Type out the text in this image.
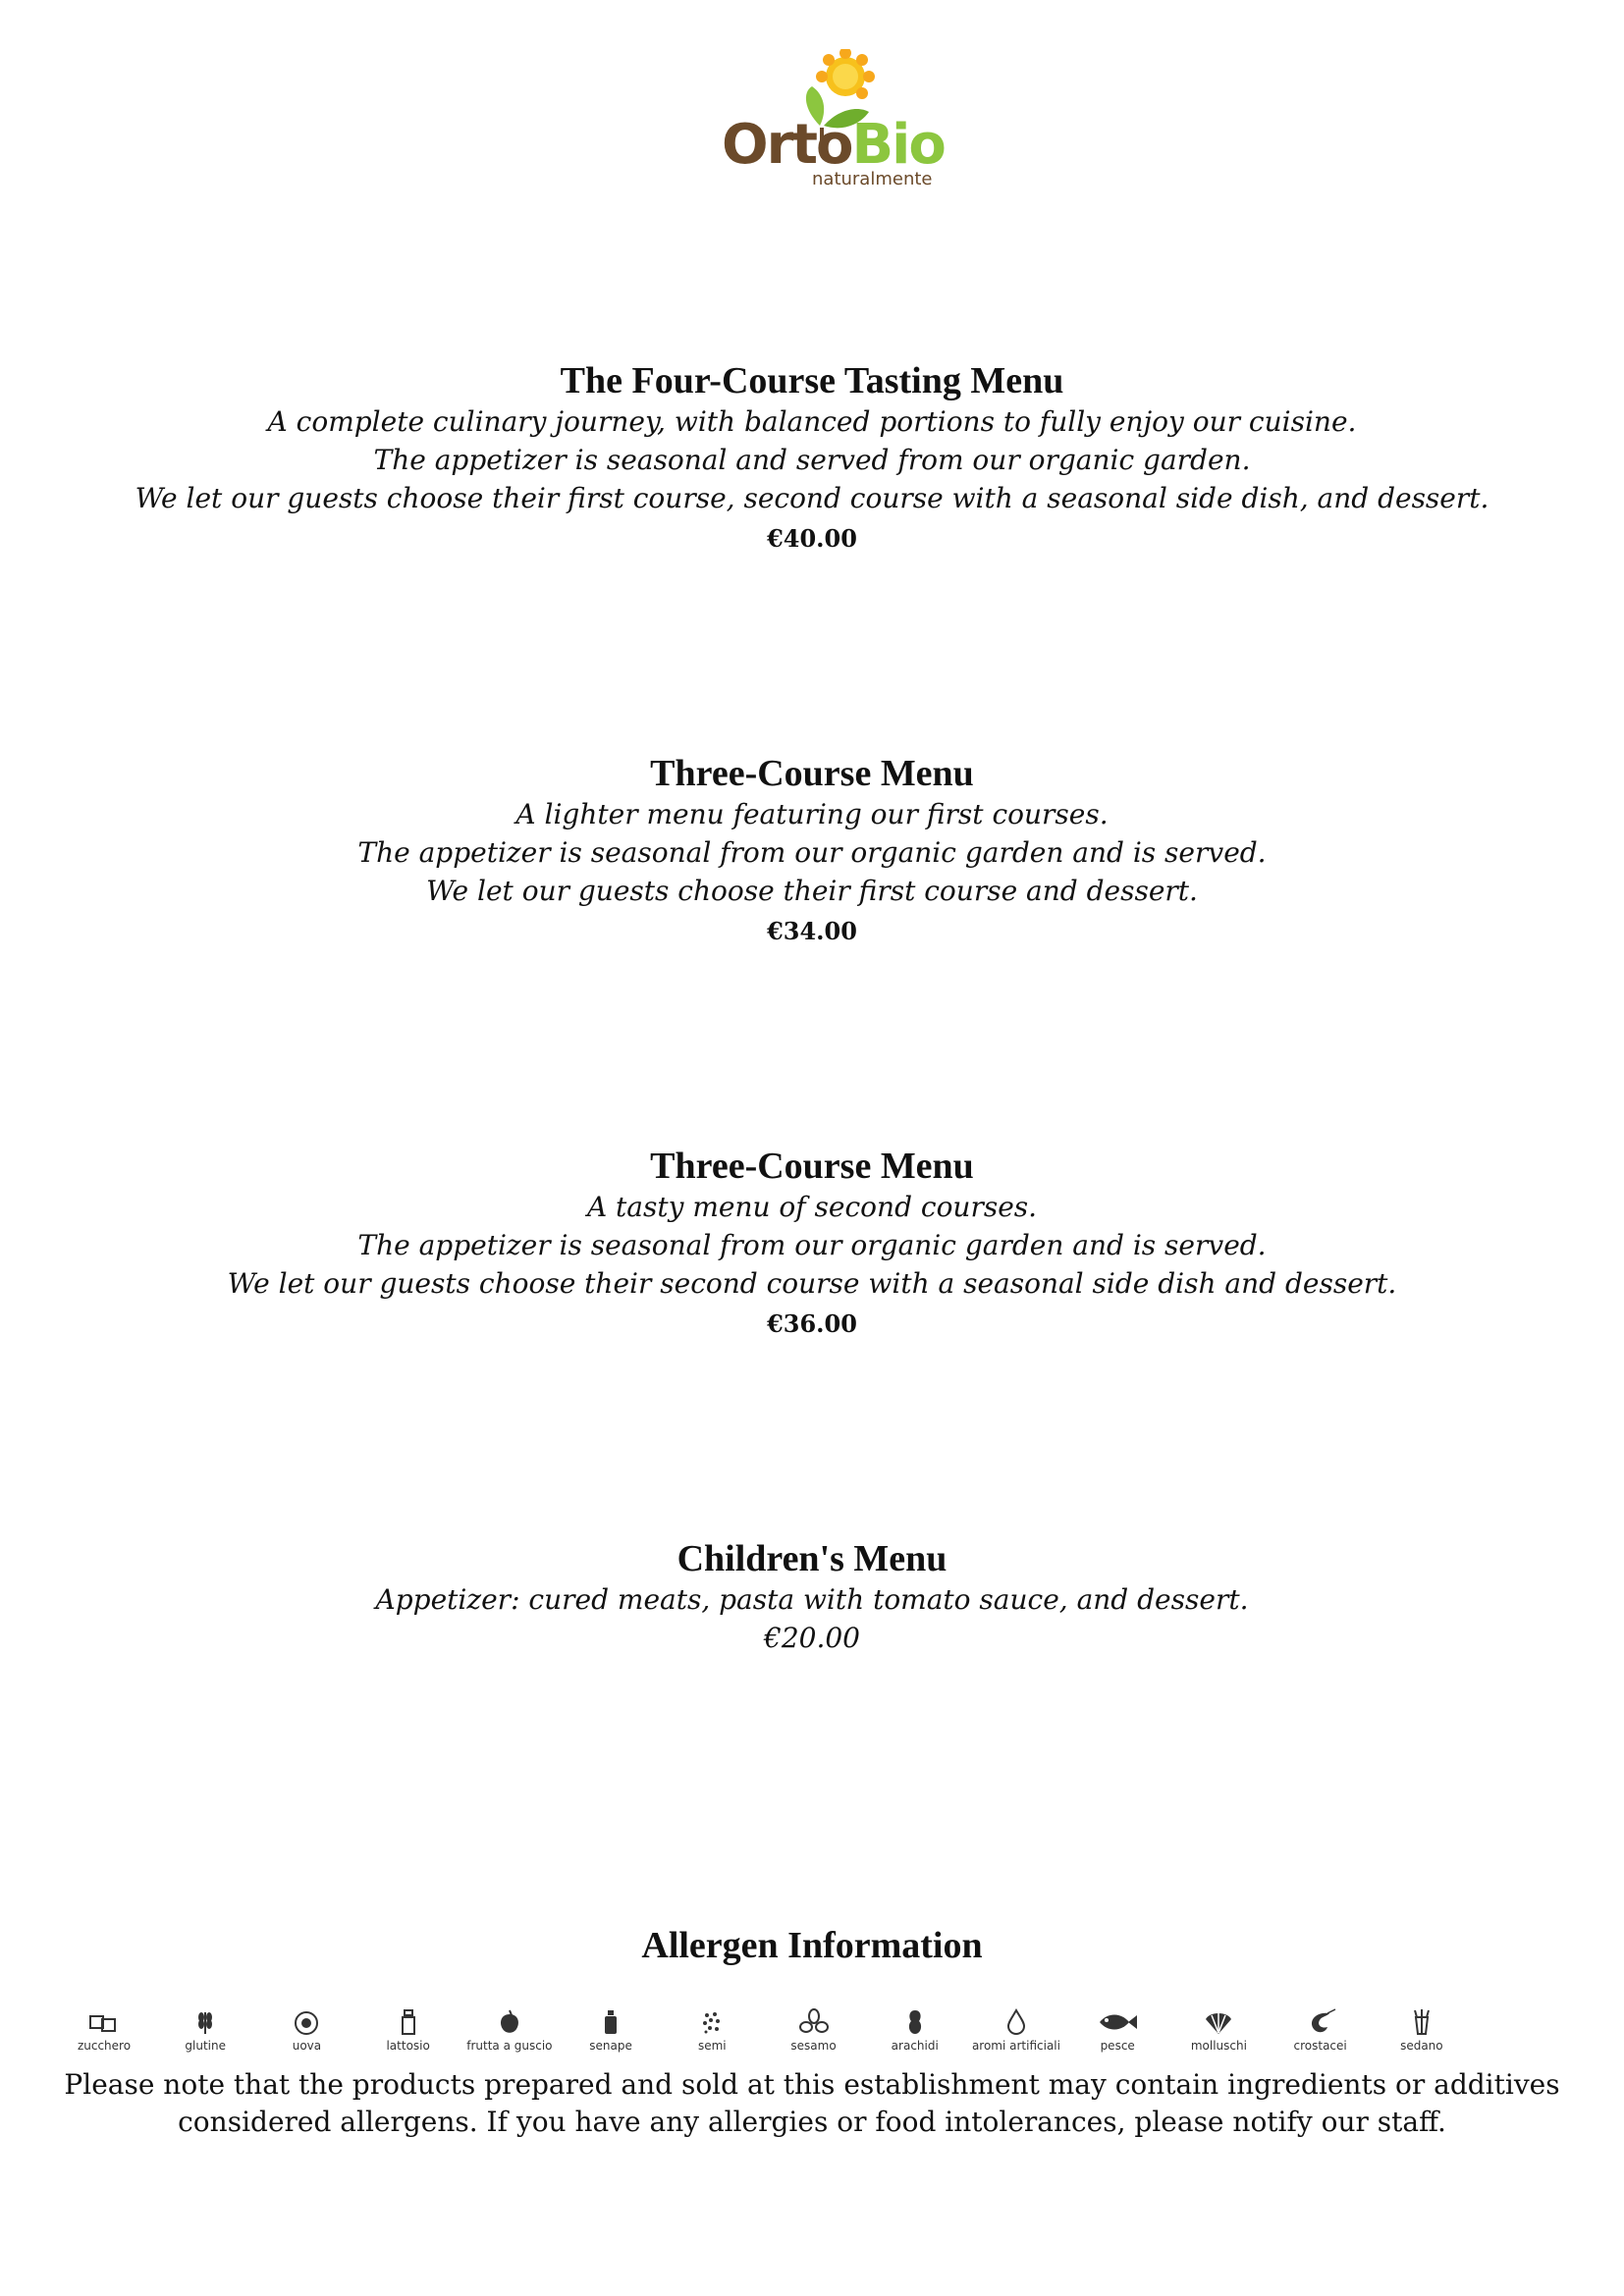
OrtoBio
naturalmente
The Four-Course Tasting Menu
A complete culinary journey, with balanced portions to fully enjoy our cuisine.
The appetizer is seasonal and served from our organic garden.
We let our guests choose their first course, second course with a seasonal side dish, and dessert.
€40.00
Three-Course Menu
A lighter menu featuring our first courses.
The appetizer is seasonal from our organic garden and is served.
We let our guests choose their first course and dessert.
€34.00
Three-Course Menu
A tasty menu of second courses.
The appetizer is seasonal from our organic garden and is served.
We let our guests choose their second course with a seasonal side dish and dessert.
€36.00
Children's Menu
Appetizer: cured meats, pasta with tomato sauce, and dessert.
€20.00
Allergen Information
zucchero	glutine	uova	lattosio	frutta a guscio	senape	semi	sesamo	arachidi	aromi artificiali	pesce	molluschi	crostacei	sedano
Please note that the products prepared and sold at this establishment may contain ingredients or additives
considered allergens. If you have any allergies or food intolerances, please notify our staff.
